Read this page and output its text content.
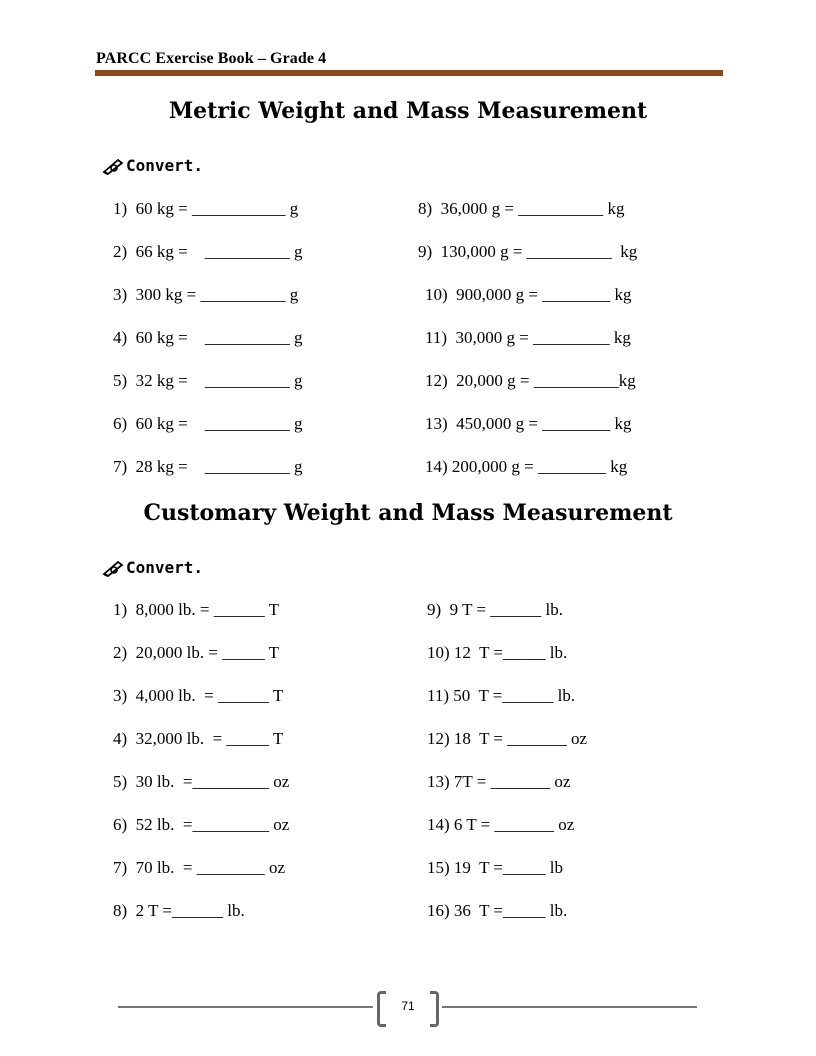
PARCC Exercise Book – Grade 4
Metric Weight and Mass Measurement
Convert.
1)  60 kg = ___________ g
2)  66 kg =    __________ g
3)  300 kg = __________ g
4)  60 kg =    __________ g
5)  32 kg =    __________ g
6)  60 kg =    __________ g
7)  28 kg =    __________ g
8)  36,000 g = __________ kg
9)  130,000 g = __________  kg
10)  900,000 g = ________ kg
11)  30,000 g = _________ kg
12)  20,000 g = __________kg
13)  450,000 g = ________ kg
14) 200,000 g = ________ kg
Customary Weight and Mass Measurement
Convert.
1)  8,000 lb. = ______ T
2)  20,000 lb. = _____ T
3)  4,000 lb.  = ______ T
4)  32,000 lb.  = _____ T
5)  30 lb.  =_________ oz
6)  52 lb.  =_________ oz
7)  70 lb.  = ________ oz
8)  2 T =______ lb.
9)  9 T = ______ lb.
10) 12  T =_____ lb.
11) 50  T =______ lb.
12) 18  T = _______ oz
13) 7T = _______ oz
14) 6 T = _______ oz
15) 19  T =_____ lb
16) 36  T =_____ lb.
71
